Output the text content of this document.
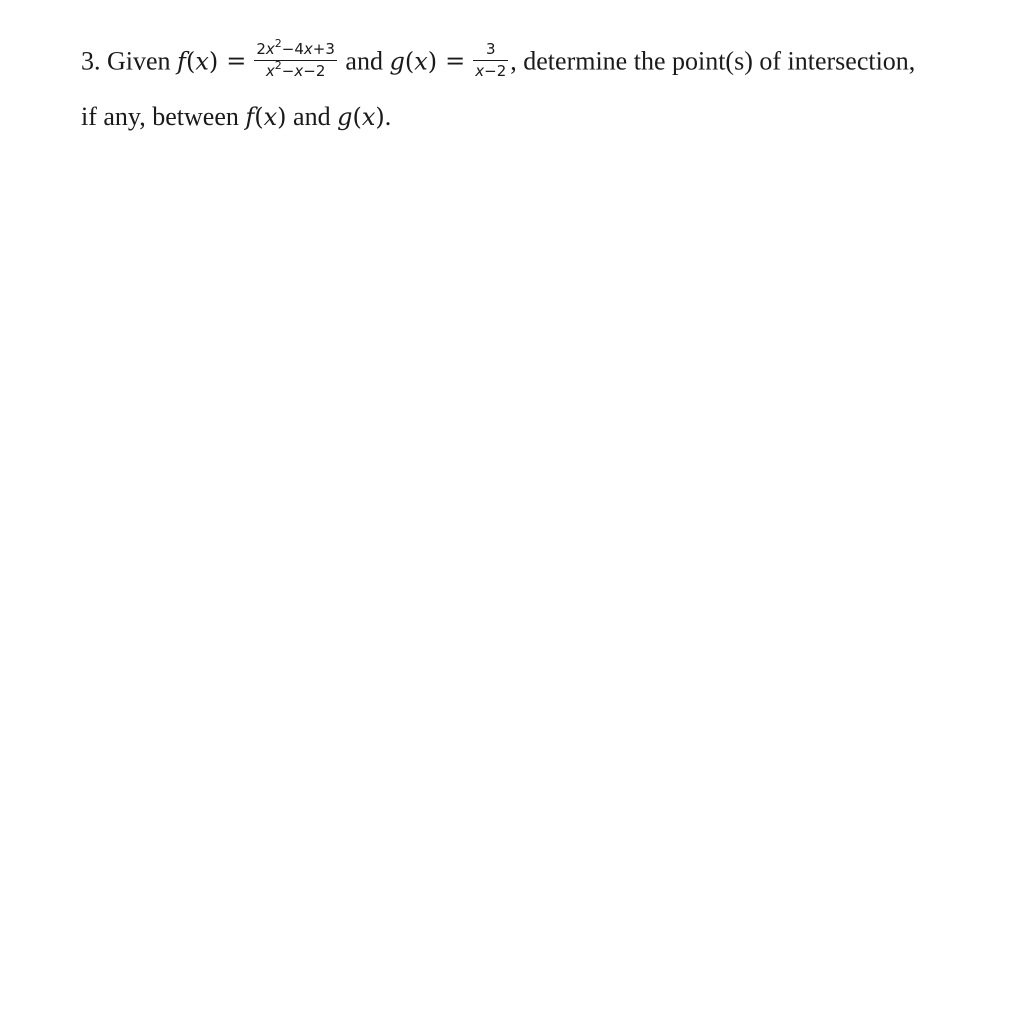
3. Given $f(x) = \frac{2x^2-4x+3}{x^2-x-2}$ and $g(x) = \frac{3}{x-2}$ , determine the point(s) of intersection,
if any, between f(x) and g(x).
